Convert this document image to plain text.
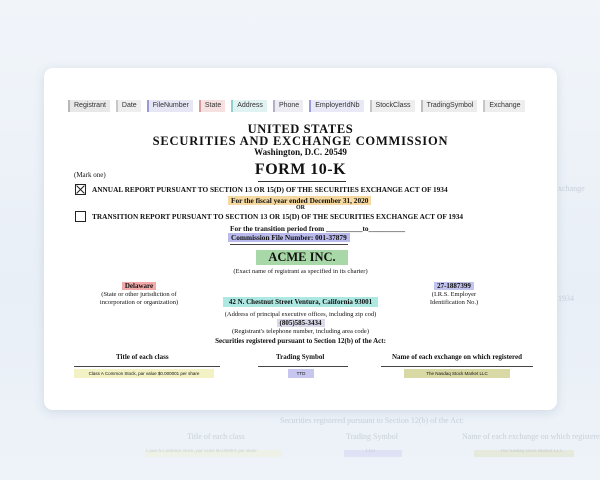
xchange
1934
Securities registered pursuant to Section 12(b) of the Act:
Title of each class	Trading Symbol	Name of each exchange on which registere
Class A Common Stock, par value $0.000001 per share	TTD	The Nasdaq Stock Market LLC
Registrant	Date	FileNumber	State	Address	Phone	EmployerIdNb	StockClass	TradingSymbol	Exchange
UNITED STATES
SECURITIES AND EXCHANGE COMMISSION
Washington, D.C. 20549
FORM 10-K
(Mark one)
ANNUAL REPORT PURSUANT TO SECTION 13 OR 15(D) OF THE SECURITIES EXCHANGE ACT OF 1934
For the fiscal year ended December 31, 2020
OR
TRANSITION REPORT PURSUANT TO SECTION 13 OR 15(D) OF THE SECURITIES EXCHANGE ACT OF 1934
For the transition period from __________to__________
Commission File Number: 001-37879
ACME INC.
(Exact name of registrant as specified in its charter)
Delaware
(State or other jurisdiction of
incorporation or organization)
27-1887399
(I.R.S. Employer
Identification No.)
42 N. Chestnut Street Ventura, California 93001
(Address of principal executive offices, including zip cod)
(805)585-3434
(Registrant's telephone number, including area code)
Securities registered pursuant to Section 12(b) of the Act:
Title of each class	Trading Symbol	Name of each exchange on which registered
Class A Common Stock, par value $0.000001 per share	TTD	The Nasdaq Stock Market LLC
